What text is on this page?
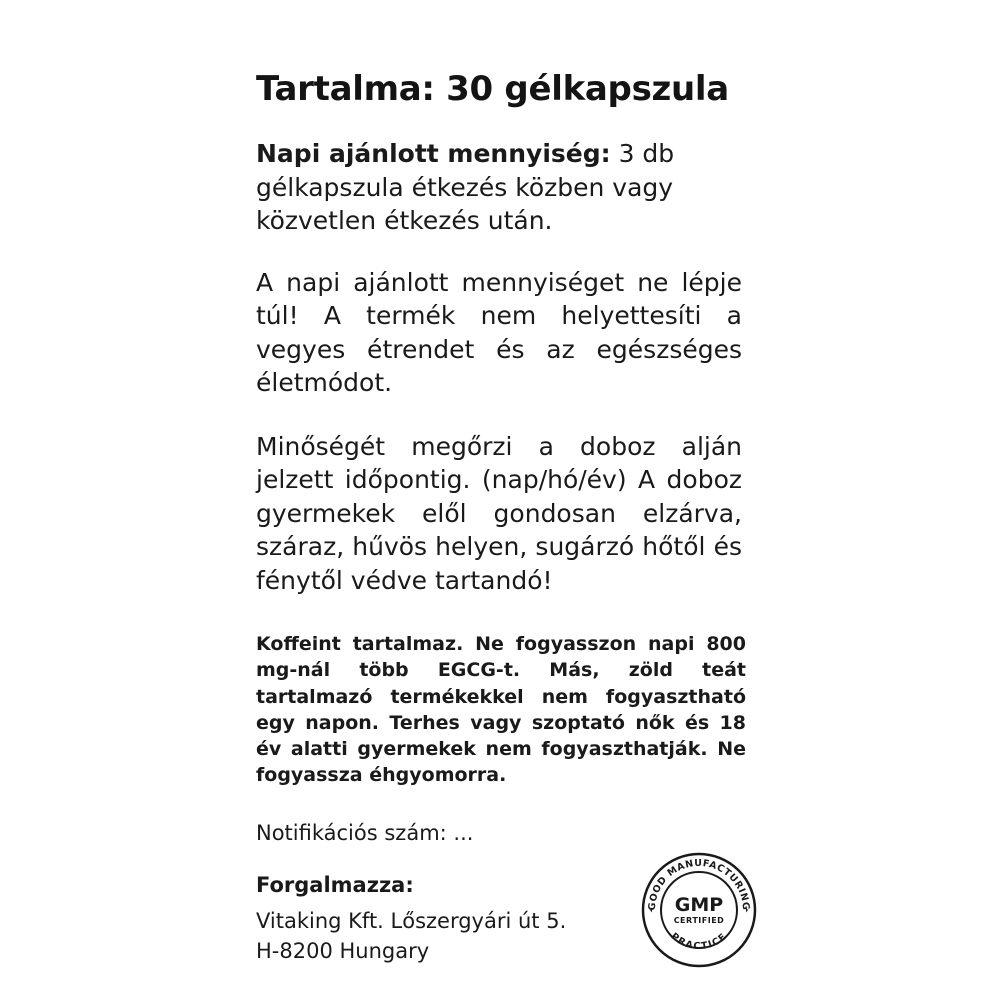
Tartalma: 30 gélkapszula

Napi ajánlott mennyiség: 3 db gélkapszula étkezés közben vagy közvetlen étkezés után.

A napi ajánlott mennyiséget ne lépje túl! A termék nem helyettesíti a vegyes étrendet és az egészséges életmódot.

Minőségét megőrzi a doboz alján jelzett időpontig. (nap/hó/év) A doboz gyermekek elől gondosan elzárva, száraz, hűvös helyen, sugárzó hőtől és fénytől védve tartandó!

Koffeint tartalmaz. Ne fogyasszon napi 800 mg-nál több EGCG-t. Más, zöld teát tartalmazó termékekkel nem fogyasztható egy napon. Terhes vagy szoptató nők és 18 év alatti gyermekek nem fogyaszthatják. Ne fogyassza éhgyomorra.

Notifikációs szám: ...

Forgalmazza:

Vitaking Kft. Lőszergyári út 5.
H-8200 Hungary
GOOD MANUFACTURING
PRACTICE
GMP
CERTIFIED
